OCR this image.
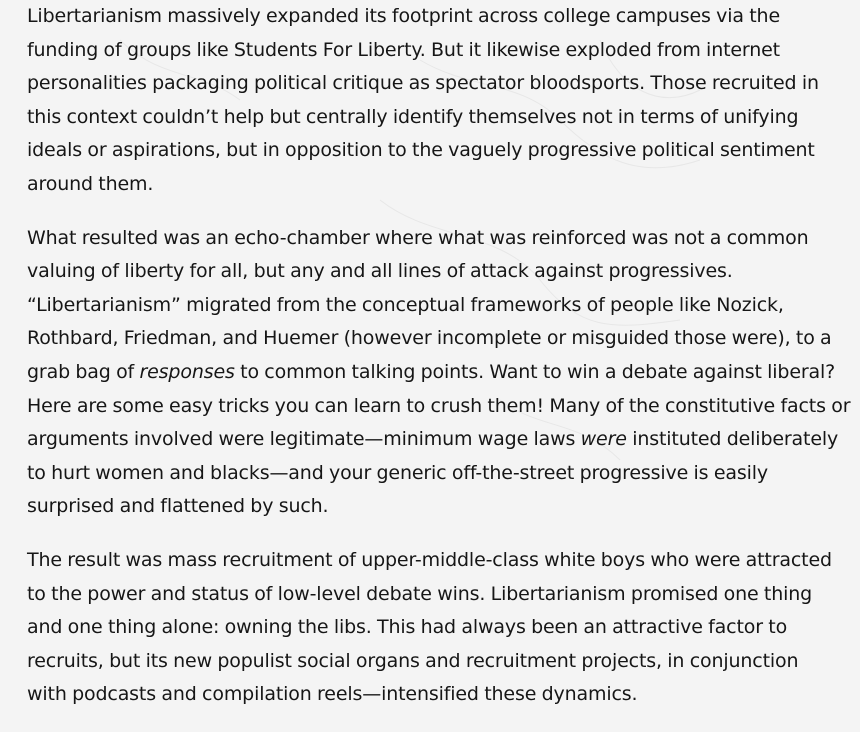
Libertarianism massively expanded its footprint across college campuses via the
funding of groups like Students For Liberty. But it likewise exploded from internet
personalities packaging political critique as spectator bloodsports. Those recruited in
this context couldn’t help but centrally identify themselves not in terms of unifying
ideals or aspirations, but in opposition to the vaguely progressive political sentiment
around them.

What resulted was an echo-chamber where what was reinforced was not a common
valuing of liberty for all, but any and all lines of attack against progressives.
“Libertarianism” migrated from the conceptual frameworks of people like Nozick,
Rothbard, Friedman, and Huemer (however incomplete or misguided those were), to a
grab bag of responses to common talking points. Want to win a debate against liberal?
Here are some easy tricks you can learn to crush them! Many of the constitutive facts or
arguments involved were legitimate—minimum wage laws were instituted deliberately
to hurt women and blacks—and your generic off-the-street progressive is easily
surprised and flattened by such.

The result was mass recruitment of upper-middle-class white boys who were attracted
to the power and status of low-level debate wins. Libertarianism promised one thing
and one thing alone: owning the libs. This had always been an attractive factor to
recruits, but its new populist social organs and recruitment projects, in conjunction
with podcasts and compilation reels—intensified these dynamics.
